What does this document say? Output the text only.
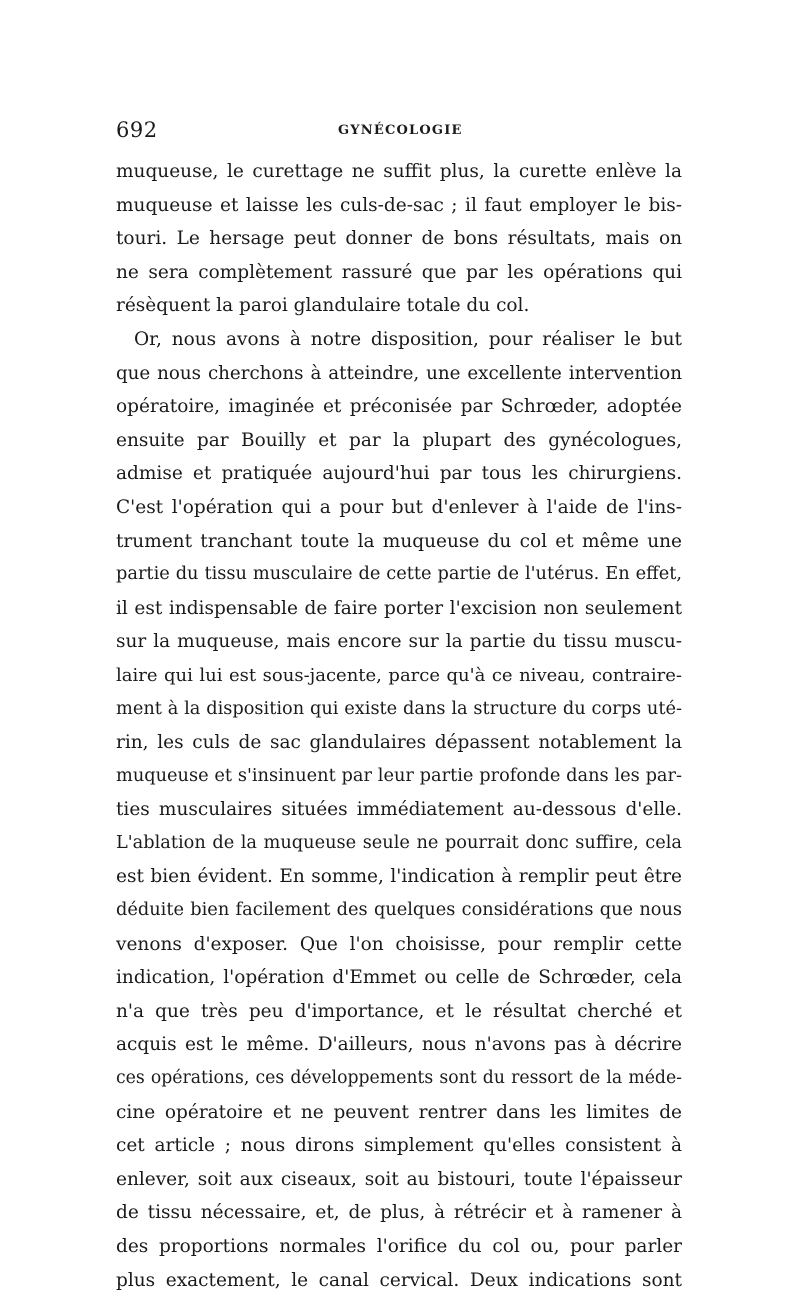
692	GYNÉCOLOGIE
muqueuse, le curettage ne suffit plus, la curette enlève la
muqueuse et laisse les culs-de-sac ; il faut employer le bis-
touri. Le hersage peut donner de bons résultats, mais on
ne sera complètement rassuré que par les opérations qui
résèquent la paroi glandulaire totale du col.
Or, nous avons à notre disposition, pour réaliser le but
que nous cherchons à atteindre, une excellente intervention
opératoire, imaginée et préconisée par Schrœder, adoptée
ensuite par Bouilly et par la plupart des gynécologues,
admise et pratiquée aujourd'hui par tous les chirurgiens.
C'est l'opération qui a pour but d'enlever à l'aide de l'ins-
trument tranchant toute la muqueuse du col et même une
partie du tissu musculaire de cette partie de l'utérus. En effet,
il est indispensable de faire porter l'excision non seulement
sur la muqueuse, mais encore sur la partie du tissu muscu-
laire qui lui est sous-jacente, parce qu'à ce niveau, contraire-
ment à la disposition qui existe dans la structure du corps uté-
rin, les culs de sac glandulaires dépassent notablement la
muqueuse et s'insinuent par leur partie profonde dans les par-
ties musculaires situées immédiatement au-dessous d'elle.
L'ablation de la muqueuse seule ne pourrait donc suffire, cela
est bien évident. En somme, l'indication à remplir peut être
déduite bien facilement des quelques considérations que nous
venons d'exposer. Que l'on choisisse, pour remplir cette
indication, l'opération d'Emmet ou celle de Schrœder, cela
n'a que très peu d'importance, et le résultat cherché et
acquis est le même. D'ailleurs, nous n'avons pas à décrire
ces opérations, ces développements sont du ressort de la méde-
cine opératoire et ne peuvent rentrer dans les limites de
cet article ; nous dirons simplement qu'elles consistent à
enlever, soit aux ciseaux, soit au bistouri, toute l'épaisseur
de tissu nécessaire, et, de plus, à rétrécir et à ramener à
des proportions normales l'orifice du col ou, pour parler
plus exactement, le canal cervical. Deux indications sont
